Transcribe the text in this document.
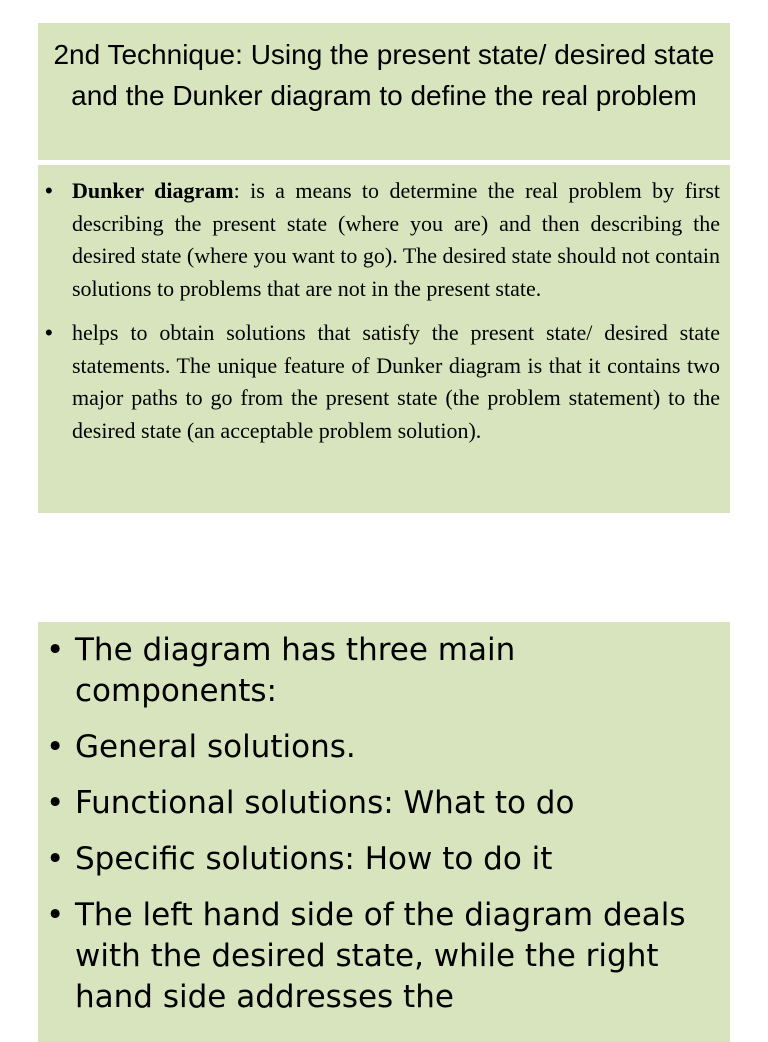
2nd Technique: Using the present state/ desired state and the Dunker diagram to define the real problem
• Dunker diagram: is a means to determine the real problem by first describing the present state (where you are) and then describing the desired state (where you want to go). The desired state should not contain solutions to problems that are not in the present state.
• helps to obtain solutions that satisfy the present state/ desired state statements. The unique feature of Dunker diagram is that it contains two major paths to go from the present state (the problem statement) to the desired state (an acceptable problem solution).
• The diagram has three main components:
• General solutions.
• Functional solutions: What to do
• Specific solutions: How to do it
• The left hand side of the diagram deals with the desired state, while the right hand side addresses the
